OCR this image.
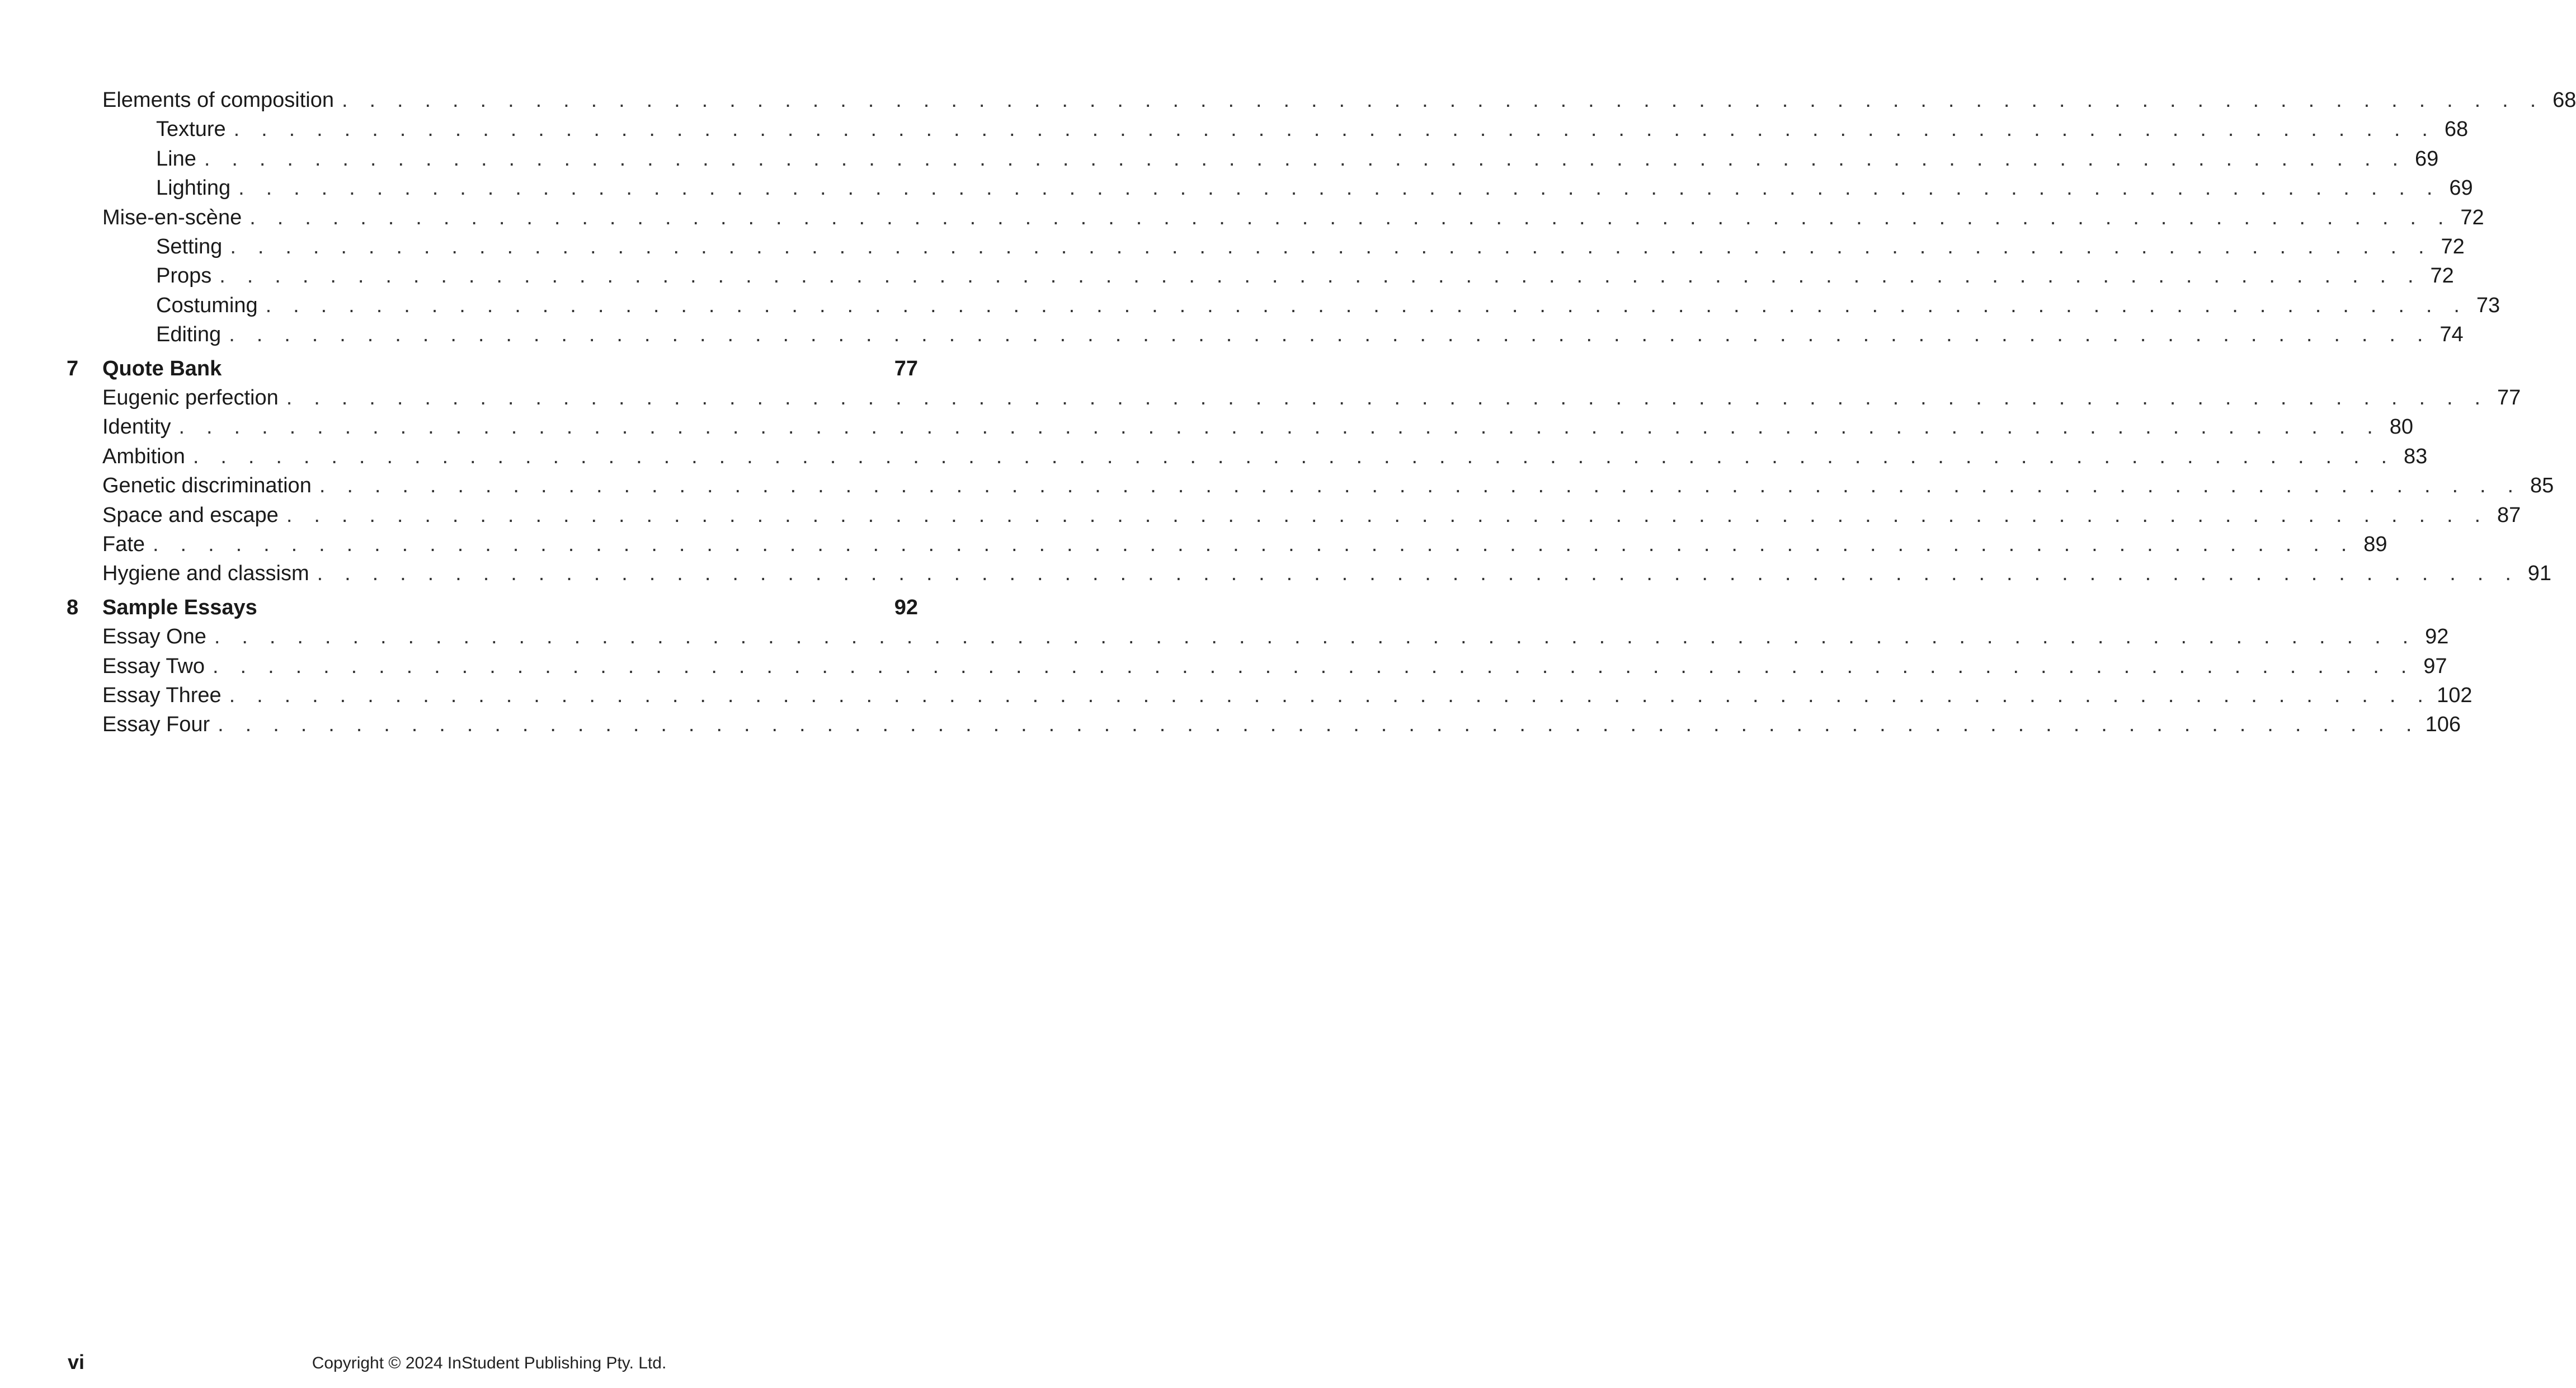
Elements of composition . . . . . . . . . . . . . . . . . . . . . . . . . . . . . . . . . . . . . . . . . . . . . . . . . . . . . . . . . . . . . . . . . . . . . . . . . . . . . . . . 68
Texture . . . . . . . . . . . . . . . . . . . . . . . . . . . . . . . . . . . . . . . . . . . . . . . . . . . . . . . . . . . . . . . . . . . . . . . . . . . . . . . . 68
Line . . . . . . . . . . . . . . . . . . . . . . . . . . . . . . . . . . . . . . . . . . . . . . . . . . . . . . . . . . . . . . . . . . . . . . . . . . . . . . . . 69
Lighting . . . . . . . . . . . . . . . . . . . . . . . . . . . . . . . . . . . . . . . . . . . . . . . . . . . . . . . . . . . . . . . . . . . . . . . . . . . . . . . . 69
Mise-en-scène . . . . . . . . . . . . . . . . . . . . . . . . . . . . . . . . . . . . . . . . . . . . . . . . . . . . . . . . . . . . . . . . . . . . . . . . . . . . . . . . 72
Setting . . . . . . . . . . . . . . . . . . . . . . . . . . . . . . . . . . . . . . . . . . . . . . . . . . . . . . . . . . . . . . . . . . . . . . . . . . . . . . . . 72
Props . . . . . . . . . . . . . . . . . . . . . . . . . . . . . . . . . . . . . . . . . . . . . . . . . . . . . . . . . . . . . . . . . . . . . . . . . . . . . . . . 72
Costuming . . . . . . . . . . . . . . . . . . . . . . . . . . . . . . . . . . . . . . . . . . . . . . . . . . . . . . . . . . . . . . . . . . . . . . . . . . . . . . . . 73
Editing . . . . . . . . . . . . . . . . . . . . . . . . . . . . . . . . . . . . . . . . . . . . . . . . . . . . . . . . . . . . . . . . . . . . . . . . . . . . . . . . 74
7 Quote Bank	77
Eugenic perfection . . . . . . . . . . . . . . . . . . . . . . . . . . . . . . . . . . . . . . . . . . . . . . . . . . . . . . . . . . . . . . . . . . . . . . . . . . . . . . . . 77
Identity . . . . . . . . . . . . . . . . . . . . . . . . . . . . . . . . . . . . . . . . . . . . . . . . . . . . . . . . . . . . . . . . . . . . . . . . . . . . . . . . 80
Ambition . . . . . . . . . . . . . . . . . . . . . . . . . . . . . . . . . . . . . . . . . . . . . . . . . . . . . . . . . . . . . . . . . . . . . . . . . . . . . . . . 83
Genetic discrimination . . . . . . . . . . . . . . . . . . . . . . . . . . . . . . . . . . . . . . . . . . . . . . . . . . . . . . . . . . . . . . . . . . . . . . . . . . . . . . . . 85
Space and escape . . . . . . . . . . . . . . . . . . . . . . . . . . . . . . . . . . . . . . . . . . . . . . . . . . . . . . . . . . . . . . . . . . . . . . . . . . . . . . . . 87
Fate . . . . . . . . . . . . . . . . . . . . . . . . . . . . . . . . . . . . . . . . . . . . . . . . . . . . . . . . . . . . . . . . . . . . . . . . . . . . . . . . 89
Hygiene and classism . . . . . . . . . . . . . . . . . . . . . . . . . . . . . . . . . . . . . . . . . . . . . . . . . . . . . . . . . . . . . . . . . . . . . . . . . . . . . . . . 91
8 Sample Essays	92
Essay One . . . . . . . . . . . . . . . . . . . . . . . . . . . . . . . . . . . . . . . . . . . . . . . . . . . . . . . . . . . . . . . . . . . . . . . . . . . . . . . . 92
Essay Two . . . . . . . . . . . . . . . . . . . . . . . . . . . . . . . . . . . . . . . . . . . . . . . . . . . . . . . . . . . . . . . . . . . . . . . . . . . . . . . . 97
Essay Three . . . . . . . . . . . . . . . . . . . . . . . . . . . . . . . . . . . . . . . . . . . . . . . . . . . . . . . . . . . . . . . . . . . . . . . . . . . . . . . . 102
Essay Four . . . . . . . . . . . . . . . . . . . . . . . . . . . . . . . . . . . . . . . . . . . . . . . . . . . . . . . . . . . . . . . . . . . . . . . . . . . . . . . . 106
vi	Copyright © 2024 InStudent Publishing Pty. Ltd.
